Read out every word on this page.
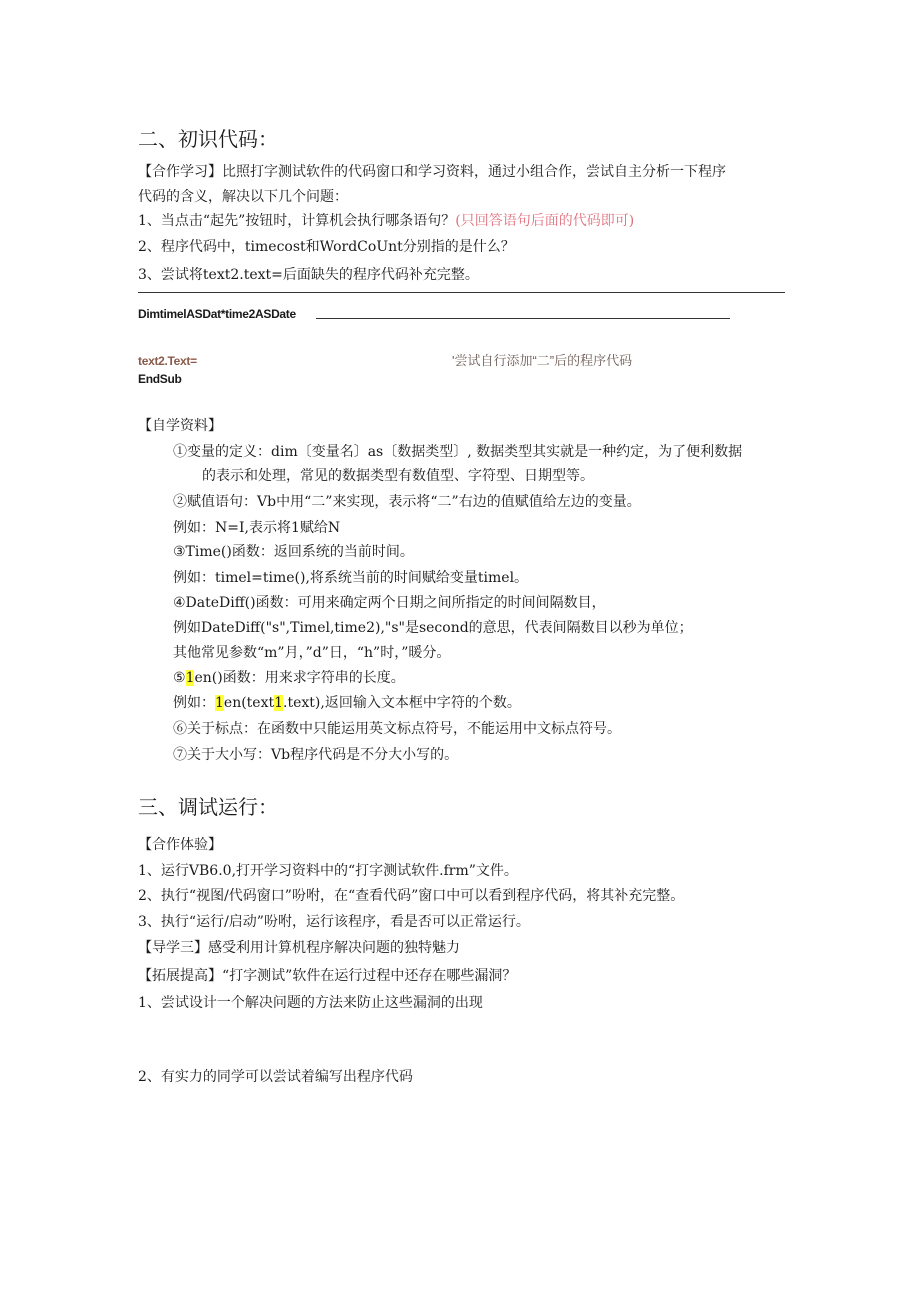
二、初识代码：
【合作学习】比照打字测试软件的代码窗口和学习资料，通过小组合作，尝试自主分析一下程序
代码的含义，解决以下几个问题：
1、当点击“起先”按钮时，计算机会执行哪条语句？(只回答语句后面的代码即可)
2、程序代码中，timecost和WordCoUnt分别指的是什么？
3、尝试将text2.text=后面缺失的程序代码补充完整。
DimtimelASDat*time2ASDate
text2.Text=	'尝试自行添加“二”后的程序代码
EndSub
【自学资料】
①变量的定义：dim〔变量名〕as〔数据类型〕, 数据类型其实就是一种约定，为了便利数据
的表示和处理，常见的数据类型有数值型、字符型、日期型等。
②赋值语句：Vb中用“二”来实现，表示将“二”右边的值赋值给左边的变量。
例如：N=I,表示将1赋给N
③Time()函数：返回系统的当前时间。
例如：timel=time(),将系统当前的时间赋给变量timel。
④DateDiff()函数：可用来确定两个日期之间所指定的时间间隔数目，
例如DateDiff("s",Timel,time2),"s"是second的意思，代表间隔数目以秒为单位；
其他常见参数“m”月，”d”日，“h”时，”暖分。
⑤1en()函数：用来求字符串的长度。
例如：1en(text1.text),返回输入文本框中字符的个数。
⑥关于标点：在函数中只能运用英文标点符号，不能运用中文标点符号。
⑦关于大小写：Vb程序代码是不分大小写的。
三、调试运行：
【合作体验】
1、运行VB6.0,打开学习资料中的“打字测试软件.frm”文件。
2、执行“视图/代码窗口”吩咐，在“查看代码”窗口中可以看到程序代码，将其补充完整。
3、执行“运行/启动”吩咐，运行该程序，看是否可以正常运行。
【导学三】感受利用计算机程序解决问题的独特魅力
【拓展提高】“打字测试”软件在运行过程中还存在哪些漏洞？
1、尝试设计一个解决问题的方法来防止这些漏洞的出现
2、有实力的同学可以尝试着编写出程序代码
